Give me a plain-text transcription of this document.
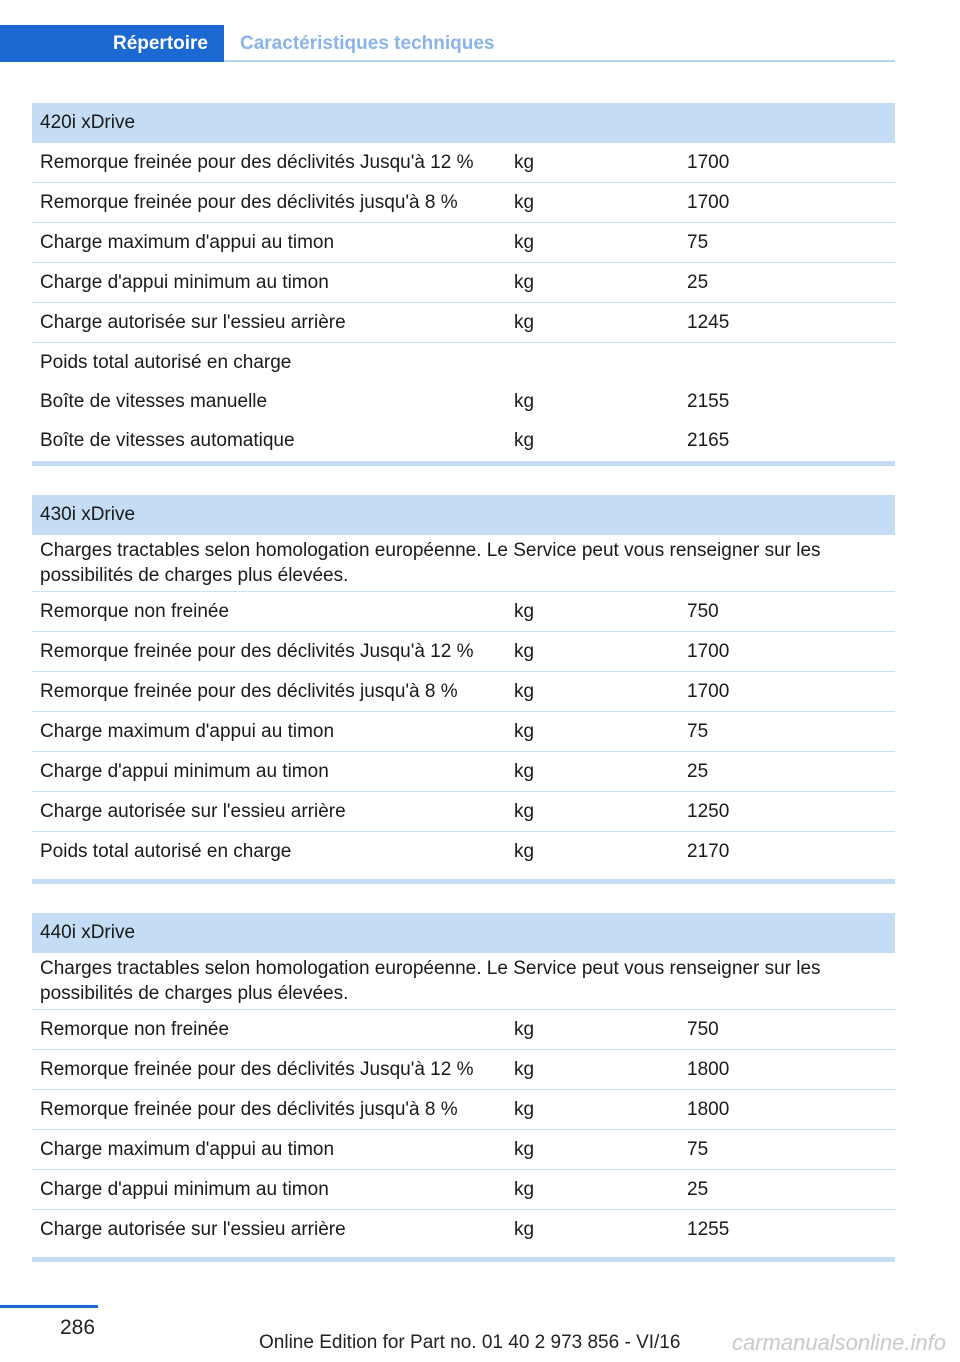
Répertoire	Caractéristiques techniques
420i xDrive		
Remorque freinée pour des déclivités Jusqu'à 12 %	kg	1700
Remorque freinée pour des déclivités jusqu'à 8 %	kg	1700
Charge maximum d'appui au timon	kg	75
Charge d'appui minimum au timon	kg	25
Charge autorisée sur l'essieu arrière	kg	1245
Poids total autorisé en charge		
Boîte de vitesses manuelle	kg	2155
Boîte de vitesses automatique	kg	2165
430i xDrive		
Charges tractables selon homologation européenne. Le Service peut vous renseigner sur les possibilités de charges plus élevées.		
Remorque non freinée	kg	750
Remorque freinée pour des déclivités Jusqu'à 12 %	kg	1700
Remorque freinée pour des déclivités jusqu'à 8 %	kg	1700
Charge maximum d'appui au timon	kg	75
Charge d'appui minimum au timon	kg	25
Charge autorisée sur l'essieu arrière	kg	1250
Poids total autorisé en charge	kg	2170
440i xDrive		
Charges tractables selon homologation européenne. Le Service peut vous renseigner sur les possibilités de charges plus élevées.		
Remorque non freinée	kg	750
Remorque freinée pour des déclivités Jusqu'à 12 %	kg	1800
Remorque freinée pour des déclivités jusqu'à 8 %	kg	1800
Charge maximum d'appui au timon	kg	75
Charge d'appui minimum au timon	kg	25
Charge autorisée sur l'essieu arrière	kg	1255
286
Online Edition for Part no. 01 40 2 973 856 - VI/16 carmanualsonline.info
